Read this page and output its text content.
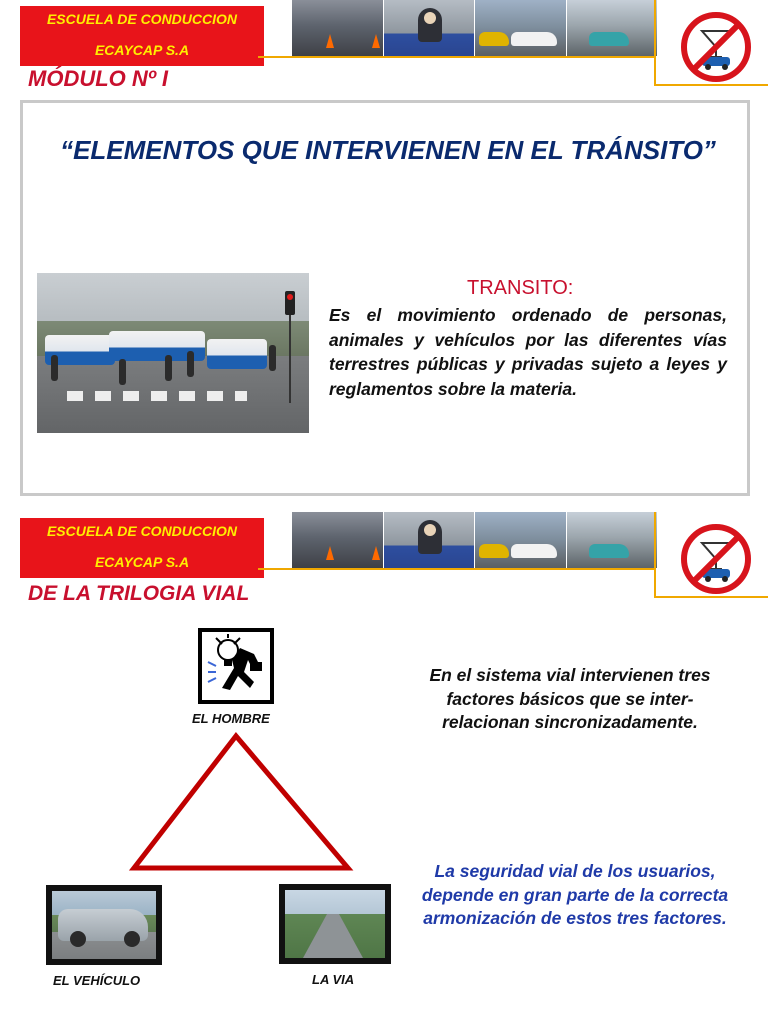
ESCUELA DE CONDUCCION
ECAYCAP S.A
MÓDULO Nº I
“ELEMENTOS QUE INTERVIENEN EN EL TRÁNSITO”
TRANSITO:
Es el movimiento ordenado de personas, animales y vehículos por las diferentes vías terrestres públicas y privadas sujeto a leyes y reglamentos sobre la materia.
ESCUELA DE CONDUCCION
ECAYCAP S.A
DE LA TRILOGIA VIAL
EL HOMBRE
EL VEHÍCULO	LA VIA
En el sistema vial intervienen tres factores básicos que se inter-relacionan sincronizadamente.
La seguridad vial de los usuarios, depende en gran parte de la correcta armonización de estos tres factores.
